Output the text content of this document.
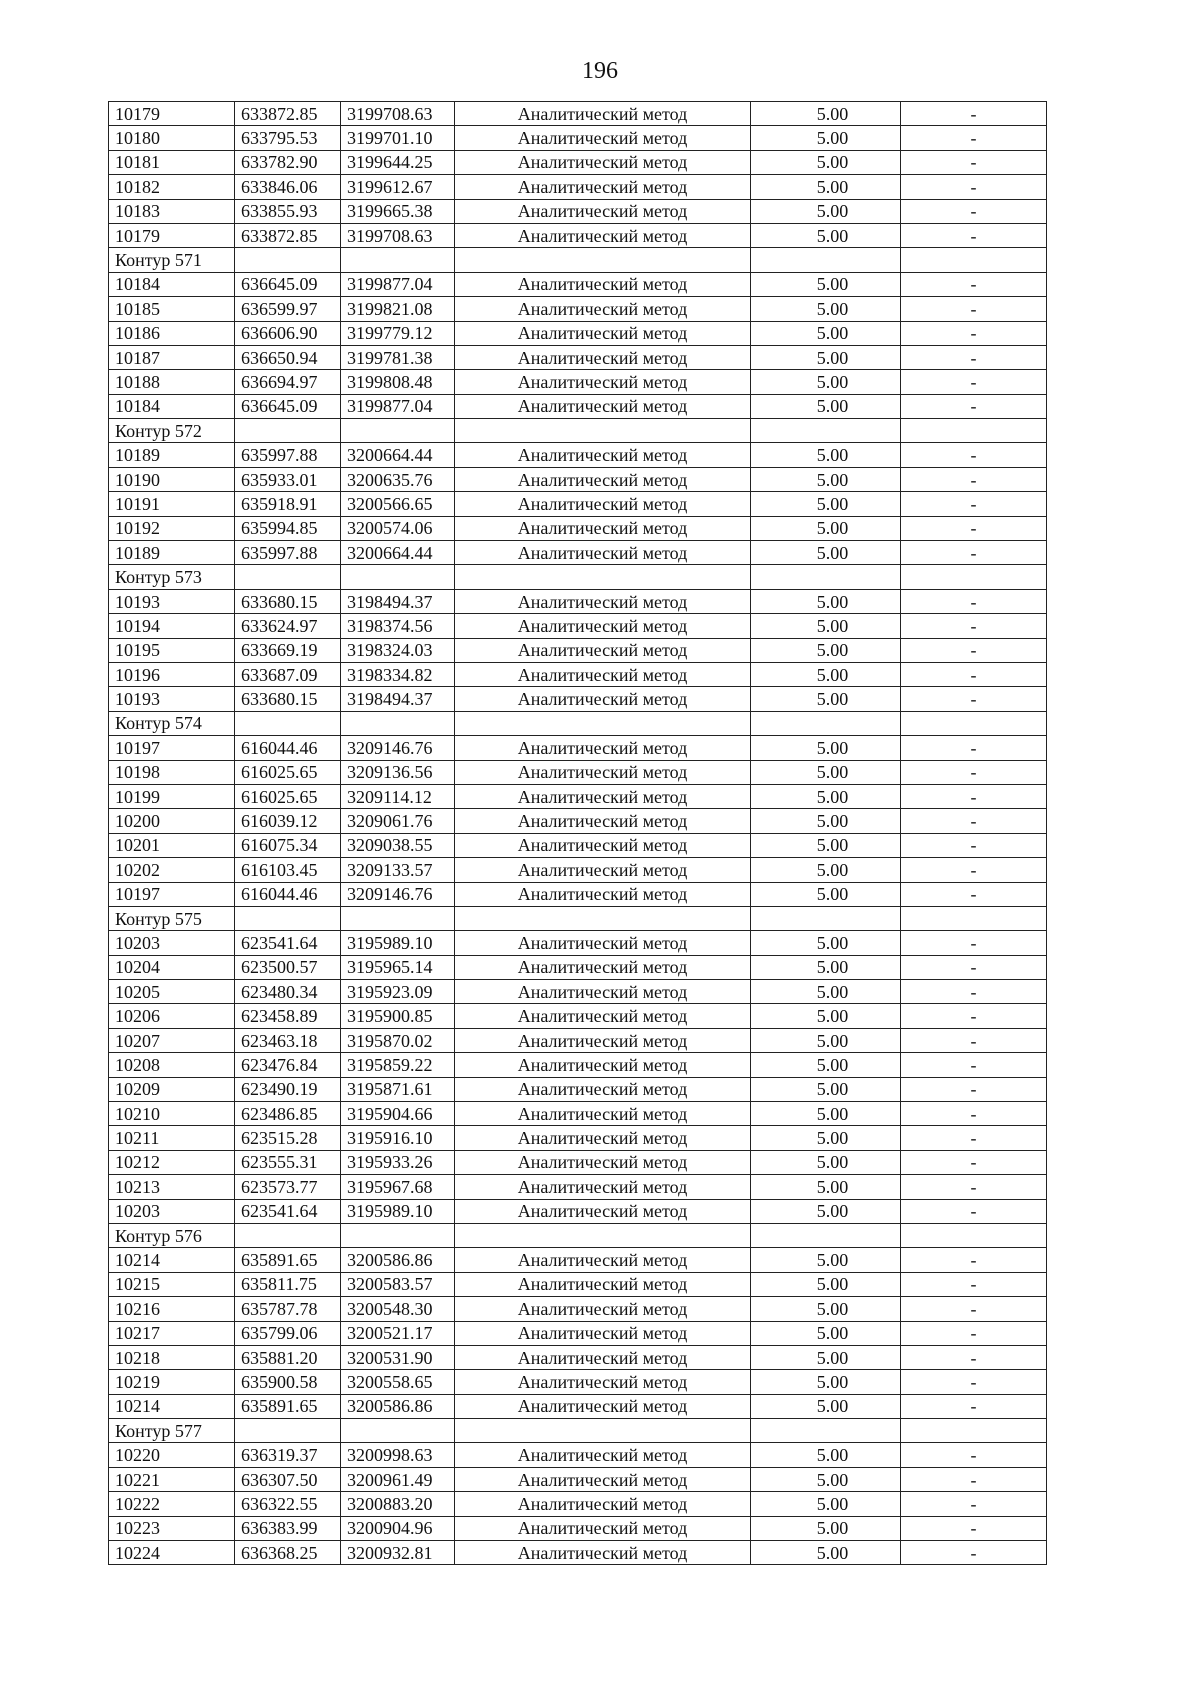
196
10179	633872.85	3199708.63	Аналитический метод	5.00	-
10180	633795.53	3199701.10	Аналитический метод	5.00	-
10181	633782.90	3199644.25	Аналитический метод	5.00	-
10182	633846.06	3199612.67	Аналитический метод	5.00	-
10183	633855.93	3199665.38	Аналитический метод	5.00	-
10179	633872.85	3199708.63	Аналитический метод	5.00	-
Контур 571					
10184	636645.09	3199877.04	Аналитический метод	5.00	-
10185	636599.97	3199821.08	Аналитический метод	5.00	-
10186	636606.90	3199779.12	Аналитический метод	5.00	-
10187	636650.94	3199781.38	Аналитический метод	5.00	-
10188	636694.97	3199808.48	Аналитический метод	5.00	-
10184	636645.09	3199877.04	Аналитический метод	5.00	-
Контур 572					
10189	635997.88	3200664.44	Аналитический метод	5.00	-
10190	635933.01	3200635.76	Аналитический метод	5.00	-
10191	635918.91	3200566.65	Аналитический метод	5.00	-
10192	635994.85	3200574.06	Аналитический метод	5.00	-
10189	635997.88	3200664.44	Аналитический метод	5.00	-
Контур 573					
10193	633680.15	3198494.37	Аналитический метод	5.00	-
10194	633624.97	3198374.56	Аналитический метод	5.00	-
10195	633669.19	3198324.03	Аналитический метод	5.00	-
10196	633687.09	3198334.82	Аналитический метод	5.00	-
10193	633680.15	3198494.37	Аналитический метод	5.00	-
Контур 574					
10197	616044.46	3209146.76	Аналитический метод	5.00	-
10198	616025.65	3209136.56	Аналитический метод	5.00	-
10199	616025.65	3209114.12	Аналитический метод	5.00	-
10200	616039.12	3209061.76	Аналитический метод	5.00	-
10201	616075.34	3209038.55	Аналитический метод	5.00	-
10202	616103.45	3209133.57	Аналитический метод	5.00	-
10197	616044.46	3209146.76	Аналитический метод	5.00	-
Контур 575					
10203	623541.64	3195989.10	Аналитический метод	5.00	-
10204	623500.57	3195965.14	Аналитический метод	5.00	-
10205	623480.34	3195923.09	Аналитический метод	5.00	-
10206	623458.89	3195900.85	Аналитический метод	5.00	-
10207	623463.18	3195870.02	Аналитический метод	5.00	-
10208	623476.84	3195859.22	Аналитический метод	5.00	-
10209	623490.19	3195871.61	Аналитический метод	5.00	-
10210	623486.85	3195904.66	Аналитический метод	5.00	-
10211	623515.28	3195916.10	Аналитический метод	5.00	-
10212	623555.31	3195933.26	Аналитический метод	5.00	-
10213	623573.77	3195967.68	Аналитический метод	5.00	-
10203	623541.64	3195989.10	Аналитический метод	5.00	-
Контур 576					
10214	635891.65	3200586.86	Аналитический метод	5.00	-
10215	635811.75	3200583.57	Аналитический метод	5.00	-
10216	635787.78	3200548.30	Аналитический метод	5.00	-
10217	635799.06	3200521.17	Аналитический метод	5.00	-
10218	635881.20	3200531.90	Аналитический метод	5.00	-
10219	635900.58	3200558.65	Аналитический метод	5.00	-
10214	635891.65	3200586.86	Аналитический метод	5.00	-
Контур 577					
10220	636319.37	3200998.63	Аналитический метод	5.00	-
10221	636307.50	3200961.49	Аналитический метод	5.00	-
10222	636322.55	3200883.20	Аналитический метод	5.00	-
10223	636383.99	3200904.96	Аналитический метод	5.00	-
10224	636368.25	3200932.81	Аналитический метод	5.00	-
